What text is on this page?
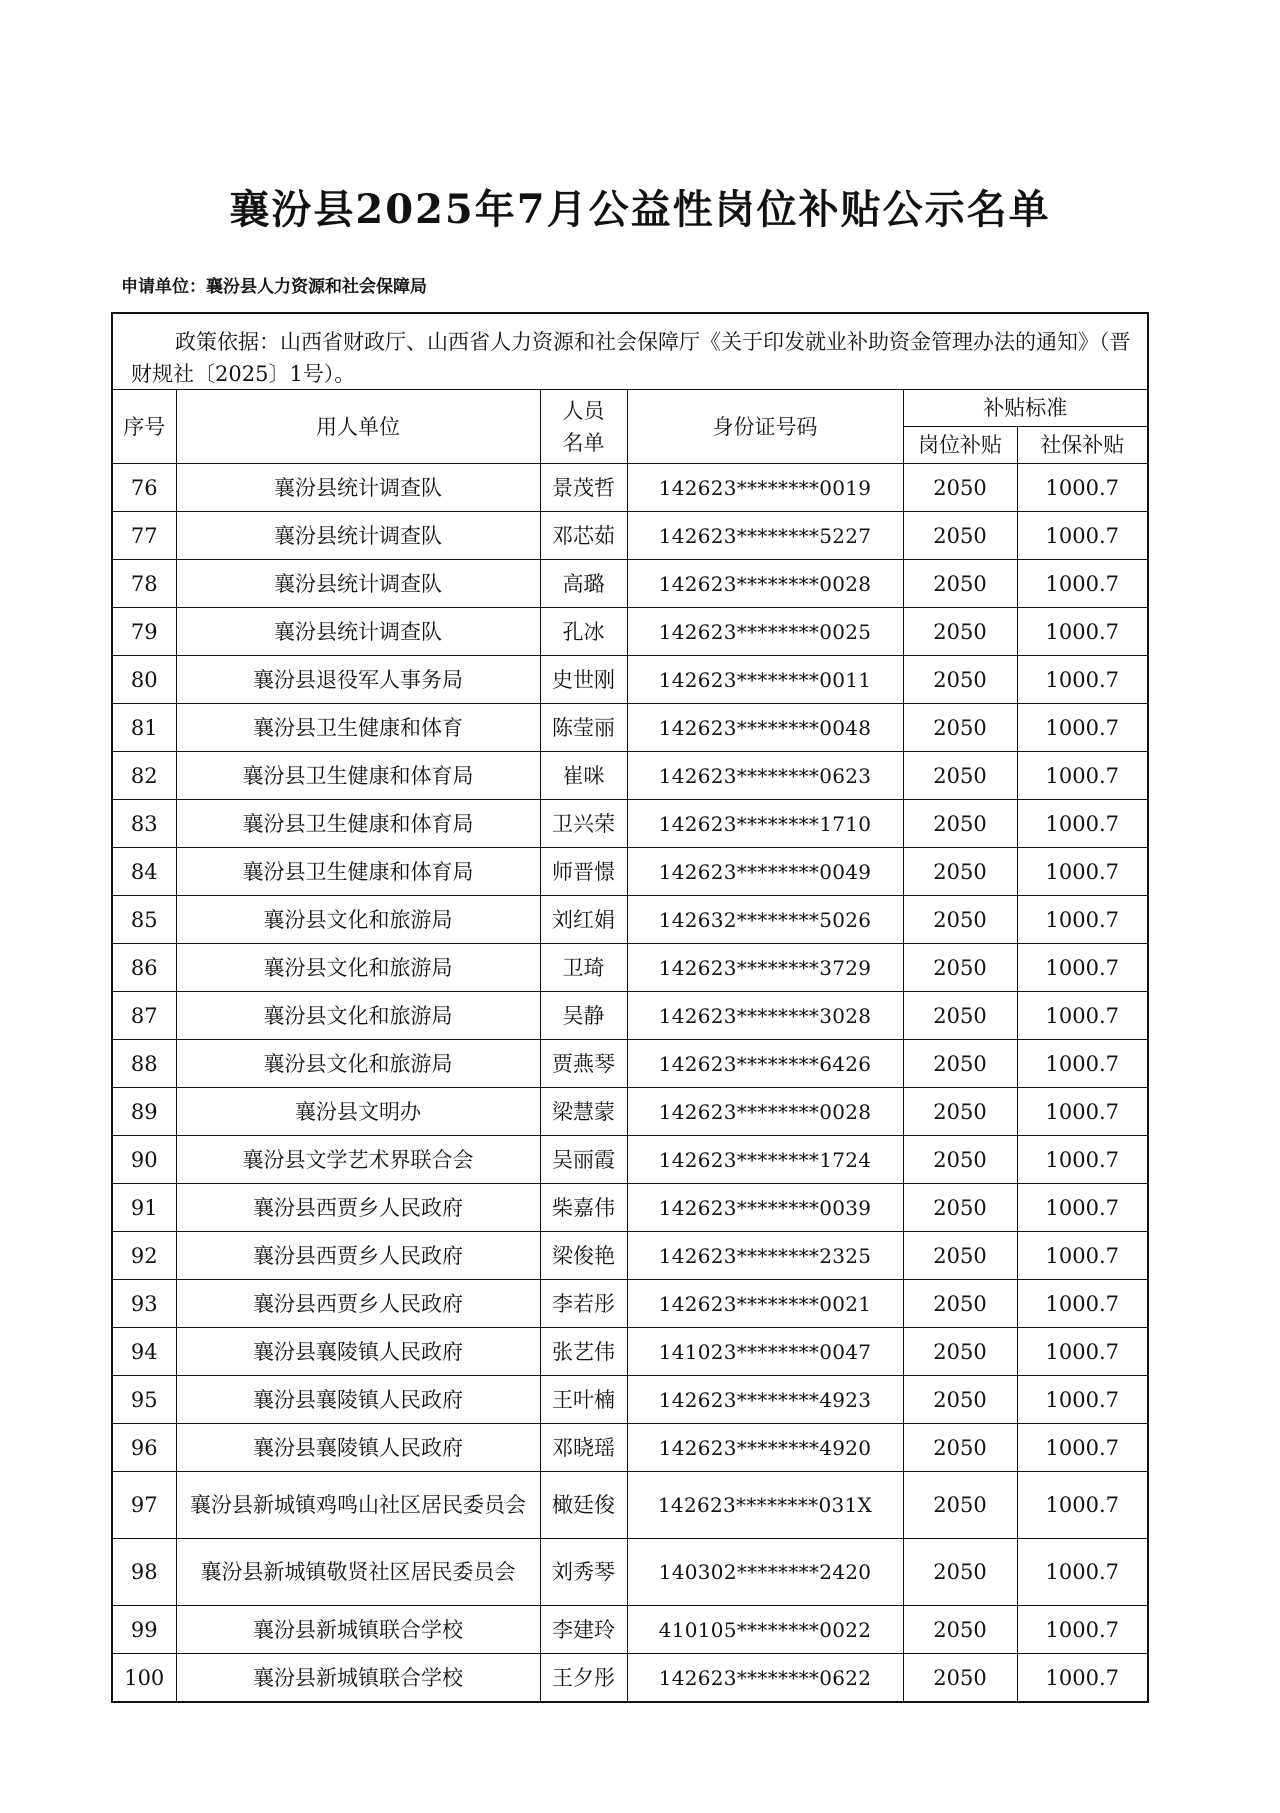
襄汾县2025年7月公益性岗位补贴公示名单
申请单位：襄汾县人力资源和社会保障局
政策依据：山西省财政厅、山西省人力资源和社会保障厅《关于印发就业补助资金管理办法的通知》（晋财规社〔2025〕1号）。
序号	用人单位	人员名单	身份证号码	补贴标准	
				岗位补贴	社保补贴
76	襄汾县统计调查队	景茂哲	142623********0019	2050	1000.7
77	襄汾县统计调查队	邓芯茹	142623********5227	2050	1000.7
78	襄汾县统计调查队	高璐	142623********0028	2050	1000.7
79	襄汾县统计调查队	孔冰	142623********0025	2050	1000.7
80	襄汾县退役军人事务局	史世刚	142623********0011	2050	1000.7
81	襄汾县卫生健康和体育	陈莹丽	142623********0048	2050	1000.7
82	襄汾县卫生健康和体育局	崔咪	142623********0623	2050	1000.7
83	襄汾县卫生健康和体育局	卫兴荣	142623********1710	2050	1000.7
84	襄汾县卫生健康和体育局	师晋憬	142623********0049	2050	1000.7
85	襄汾县文化和旅游局	刘红娟	142632********5026	2050	1000.7
86	襄汾县文化和旅游局	卫琦	142623********3729	2050	1000.7
87	襄汾县文化和旅游局	吴静	142623********3028	2050	1000.7
88	襄汾县文化和旅游局	贾燕琴	142623********6426	2050	1000.7
89	襄汾县文明办	梁慧蒙	142623********0028	2050	1000.7
90	襄汾县文学艺术界联合会	吴丽霞	142623********1724	2050	1000.7
91	襄汾县西贾乡人民政府	柴嘉伟	142623********0039	2050	1000.7
92	襄汾县西贾乡人民政府	梁俊艳	142623********2325	2050	1000.7
93	襄汾县西贾乡人民政府	李若彤	142623********0021	2050	1000.7
94	襄汾县襄陵镇人民政府	张艺伟	141023********0047	2050	1000.7
95	襄汾县襄陵镇人民政府	王叶楠	142623********4923	2050	1000.7
96	襄汾县襄陵镇人民政府	邓晓瑶	142623********4920	2050	1000.7
97	襄汾县新城镇鸡鸣山社区居民委员会	橄廷俊	142623********031X	2050	1000.7
98	襄汾县新城镇敬贤社区居民委员会	刘秀琴	140302********2420	2050	1000.7
99	襄汾县新城镇联合学校	李建玲	410105********0022	2050	1000.7
100	襄汾县新城镇联合学校	王夕彤	142623********0622	2050	1000.7
